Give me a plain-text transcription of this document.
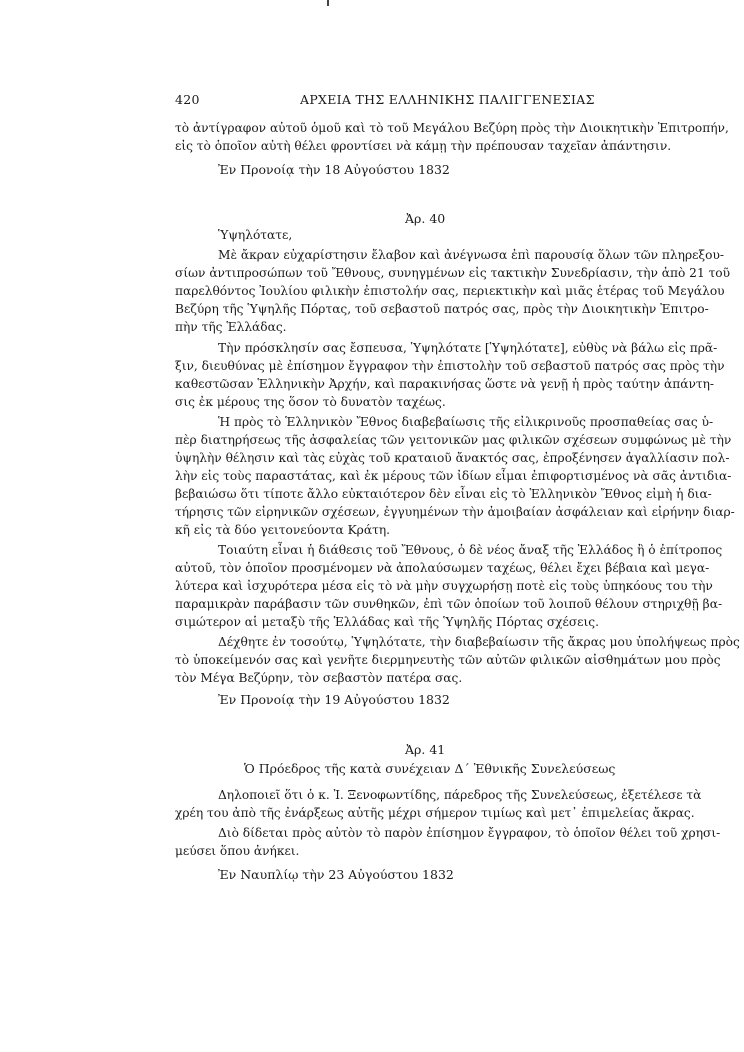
420	ΑΡΧΕΙΑ ΤΗΣ ΕΛΛΗΝΙΚΗΣ ΠΑΛΙΓΓΕΝΕΣΙΑΣ
τὸ ἀντίγραφον αὐτοῦ ὁμοῦ καὶ τὸ τοῦ Μεγάλου Βεζύρη πρὸς τὴν Διοικητικὴν Ἐπιτροπήν,
εἰς τὸ ὁποῖον αὐτὴ θέλει φροντίσει νὰ κάμῃ τὴν πρέπουσαν ταχεῖαν ἀπάντησιν.
Ἐν Προνοίᾳ τὴν 18 Αὐγούστου 1832
Ἀρ. 40
Ὑψηλότατε,
Μὲ ἄκραν εὐχαρίστησιν ἔλαβον καὶ ἀνέγνωσα ἐπὶ παρουσίᾳ ὅλων τῶν πληρεξου-
σίων ἀντιπροσώπων τοῦ Ἔθνους, συνηγμένων εἰς τακτικὴν Συνεδρίασιν, τὴν ἀπὸ 21 τοῦ
παρελθόντος Ἰουλίου φιλικὴν ἐπιστολήν σας, περιεκτικὴν καὶ μιᾶς ἑτέρας τοῦ Μεγάλου
Βεζύρη τῆς Ὑψηλῆς Πόρτας, τοῦ σεβαστοῦ πατρός σας, πρὸς τὴν Διοικητικὴν Ἐπιτρο-
πὴν τῆς Ἑλλάδας.
Τὴν πρόσκλησίν σας ἔσπευσα, Ὑψηλότατε [Ὑψηλότατε], εὐθὺς νὰ βάλω εἰς πρᾶ-
ξιν, διευθύνας μὲ ἐπίσημον ἔγγραφον τὴν ἐπιστολὴν τοῦ σεβαστοῦ πατρός σας πρὸς τὴν
καθεστῶσαν Ἑλληνικὴν Ἀρχήν, καὶ παρακινήσας ὥστε νὰ γενῇ ἡ πρὸς ταύτην ἀπάντη-
σις ἐκ μέρους της ὅσον τὸ δυνατὸν ταχέως.
Ἡ πρὸς τὸ Ἑλληνικὸν Ἔθνος διαβεβαίωσις τῆς εἰλικρινοῦς προσπαθείας σας ὑ-
πὲρ διατηρήσεως τῆς ἀσφαλείας τῶν γειτονικῶν μας φιλικῶν σχέσεων συμφώνως μὲ τὴν
ὑψηλὴν θέλησιν καὶ τὰς εὐχὰς τοῦ κραταιοῦ ἄνακτός σας, ἐπροξένησεν ἀγαλλίασιν πολ-
λὴν εἰς τοὺς παραστάτας, καὶ ἐκ μέρους τῶν ἰδίων εἶμαι ἐπιφορτισμένος νὰ σᾶς ἀντιδια-
βεβαιώσω ὅτι τίποτε ἄλλο εὐκταιότερον δὲν εἶναι εἰς τὸ Ἑλληνικὸν Ἔθνος εἰμὴ ἡ δια-
τήρησις τῶν εἰρηνικῶν σχέσεων, ἐγγυημένων τὴν ἀμοιβαίαν ἀσφάλειαν καὶ εἰρήνην διαρ-
κῆ εἰς τὰ δύο γειτονεύοντα Κράτη.
Τοιαύτη εἶναι ἡ διάθεσις τοῦ Ἔθνους, ὁ δὲ νέος ἄναξ τῆς Ἑλλάδος ἢ ὁ ἐπίτροπος
αὐτοῦ, τὸν ὁποῖον προσμένομεν νὰ ἀπολαύσωμεν ταχέως, θέλει ἔχει βέβαια καὶ μεγα-
λύτερα καὶ ἰσχυρότερα μέσα εἰς τὸ νὰ μὴν συγχωρήσῃ ποτὲ εἰς τοὺς ὑπηκόους του τὴν
παραμικρὰν παράβασιν τῶν συνθηκῶν, ἐπὶ τῶν ὁποίων τοῦ λοιποῦ θέλουν στηριχθῇ βα-
σιμώτερον αἱ μεταξὺ τῆς Ἑλλάδας καὶ τῆς Ὑψηλῆς Πόρτας σχέσεις.
Δέχθητε ἐν τοσούτῳ, Ὑψηλότατε, τὴν διαβεβαίωσιν τῆς ἄκρας μου ὑπολήψεως πρὸς
τὸ ὑποκείμενόν σας καὶ γενῆτε διερμηνευτὴς τῶν αὐτῶν φιλικῶν αἰσθημάτων μου πρὸς
τὸν Μέγα Βεζύρην, τὸν σεβαστὸν πατέρα σας.
Ἐν Προνοίᾳ τὴν 19 Αὐγούστου 1832
Ἀρ. 41
Ὁ Πρόεδρος τῆς κατὰ συνέχειαν Δ΄ Ἐθνικῆς Συνελεύσεως
Δηλοποιεῖ ὅτι ὁ κ. Ἰ. Ξενοφωντίδης, πάρεδρος τῆς Συνελεύσεως, ἐξετέλεσε τὰ
χρέη του ἀπὸ τῆς ἐνάρξεως αὐτῆς μέχρι σήμερον τιμίως καὶ μετ᾽ ἐπιμελείας ἄκρας.
Διὸ δίδεται πρὸς αὐτὸν τὸ παρὸν ἐπίσημον ἔγγραφον, τὸ ὁποῖον θέλει τοῦ χρησι-
μεύσει ὅπου ἀνήκει.
Ἐν Ναυπλίῳ τὴν 23 Αὐγούστου 1832
